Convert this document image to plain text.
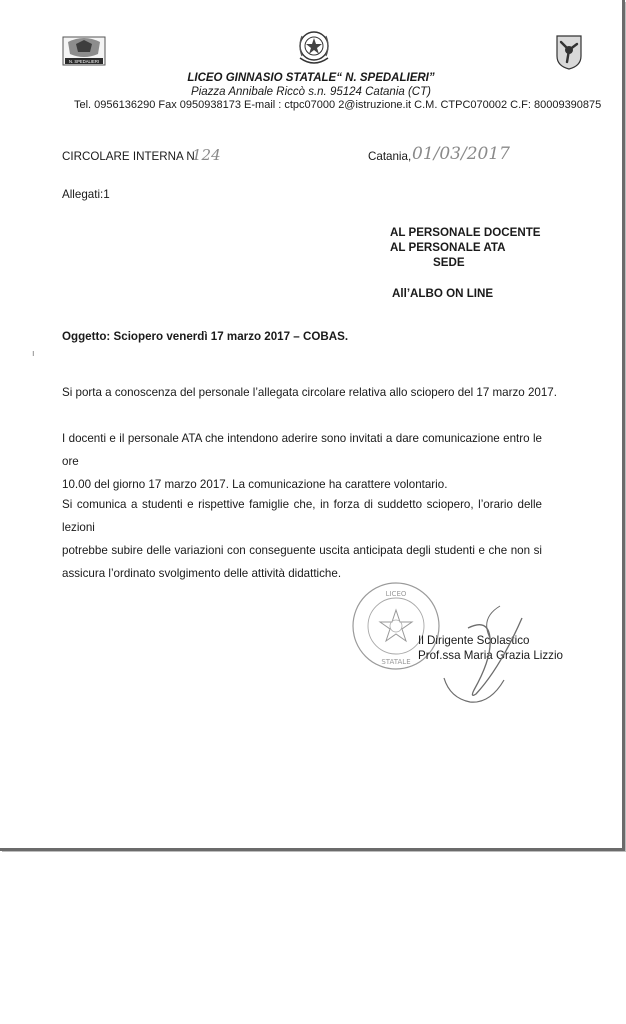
N. SPEDALIERI
LICEO GINNASIO STATALE“ N. SPEDALIERI”
Piazza Annibale Riccò s.n. 95124 Catania (CT)
Tel. 0956136290 Fax 0950938173 E-mail : ctpc07000 2@istruzione.it C.M. CTPC070002 C.F: 80009390875
CIRCOLARE INTERNA N.
124	Catania, 01/03/2017
Allegati:1
AL PERSONALE DOCENTE
AL PERSONALE ATA
SEDE
All’ALBO ON LINE
Oggetto: Sciopero venerdì 17 marzo 2017 – COBAS.
ı
Si porta a conoscenza del personale l’allegata circolare relativa allo sciopero del 17 marzo 2017.
I docenti e il personale ATA che intendono aderire sono invitati a dare comunicazione entro le ore
10.00 del giorno 17 marzo 2017. La comunicazione ha carattere volontario.
Si comunica a studenti e rispettive famiglie che, in forza di suddetto sciopero, l’orario delle lezioni
potrebbe subire delle variazioni con conseguente uscita anticipata degli studenti e che non si
assicura l’ordinato svolgimento delle attività didattiche.
LICEO
STATALE
Il Dirigente Scolastico
Prof.ssa Maria Grazia Lizzio
